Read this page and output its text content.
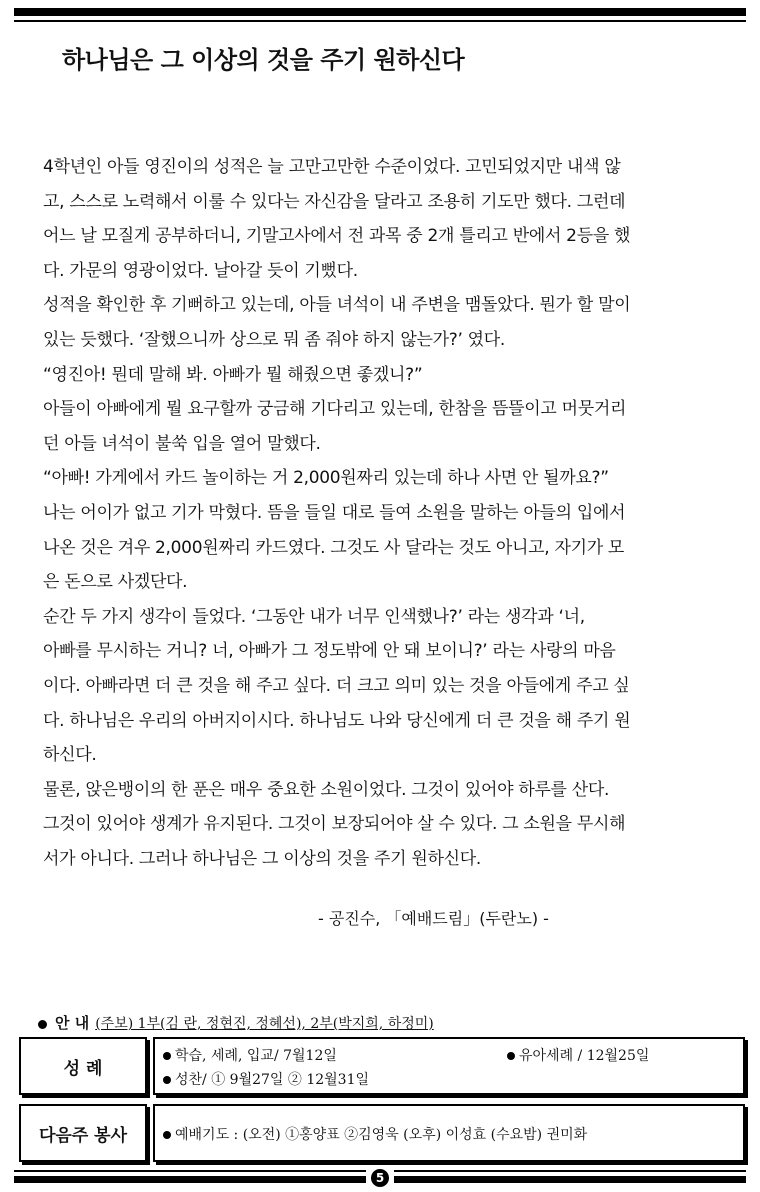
하나님은 그 이상의 것을 주기 원하신다
4학년인 아들 영진이의 성적은 늘 고만고만한 수준이었다. 고민되었지만 내색 않
고, 스스로 노력해서 이룰 수 있다는 자신감을 달라고 조용히 기도만 했다. 그런데
어느 날 모질게 공부하더니, 기말고사에서 전 과목 중 2개 틀리고 반에서 2등을 했
다. 가문의 영광이었다. 날아갈 듯이 기뻤다.
성적을 확인한 후 기뻐하고 있는데, 아들 녀석이 내 주변을 맴돌았다. 뭔가 할 말이
있는 듯했다. ‘잘했으니까 상으로 뭐 좀 줘야 하지 않는가?’ 였다.
“영진아! 뭔데 말해 봐. 아빠가 뭘 해줬으면 좋겠니?”
아들이 아빠에게 뭘 요구할까 궁금해 기다리고 있는데, 한참을 뜸뜰이고 머뭇거리
던 아들 녀석이 불쑥 입을 열어 말했다.
“아빠! 가게에서 카드 놀이하는 거 2,000원짜리 있는데 하나 사면 안 될까요?”
나는 어이가 없고 기가 막혔다. 뜸을 들일 대로 들여 소원을 말하는 아들의 입에서
나온 것은 겨우 2,000원짜리 카드였다. 그것도 사 달라는 것도 아니고, 자기가 모
은 돈으로 사겠단다.
순간 두 가지 생각이 들었다. ‘그동안 내가 너무 인색했나?’ 라는 생각과 ‘너,
아빠를 무시하는 거니? 너, 아빠가 그 정도밖에 안 돼 보이니?’ 라는 사랑의 마음
이다. 아빠라면 더 큰 것을 해 주고 싶다. 더 크고 의미 있는 것을 아들에게 주고 싶
다. 하나님은 우리의 아버지이시다. 하나님도 나와 당신에게 더 큰 것을 해 주기 원
하신다.
물론, 앉은뱅이의 한 푼은 매우 중요한 소원이었다. 그것이 있어야 하루를 산다.
그것이 있어야 생계가 유지된다. 그것이 보장되어야 살 수 있다. 그 소원을 무시해
서가 아니다. 그러나 하나님은 그 이상의 것을 주기 원하신다.
- 공진수, 「예배드림」(두란노) -
안 내 (주보) 1부(김 란, 정현진, 정혜선), 2부(박지희, 하정미)
성 례
학습, 세례, 입교/ 7월12일	유아세례 / 12월25일
성찬/ ① 9월27일 ② 12월31일
다음주 봉사	예배기도 : (오전) ①홍양표 ②김영욱 (오후) 이성효 (수요밤) 권미화
5
